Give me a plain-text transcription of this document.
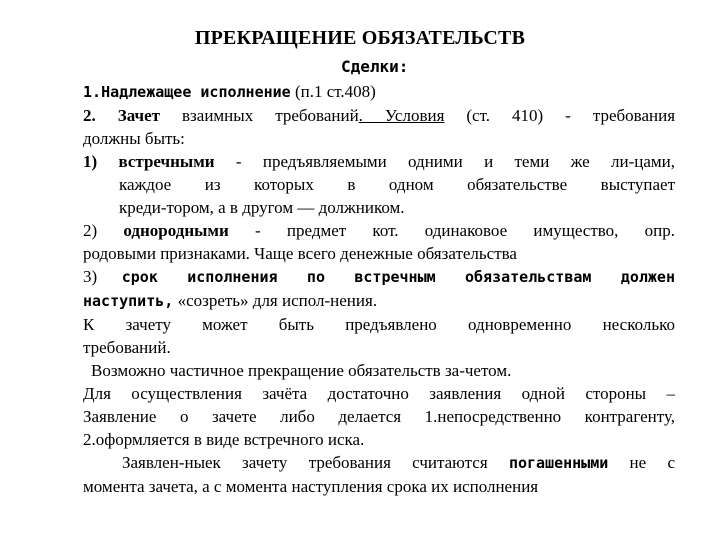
ПРЕКРАЩЕНИЕ ОБЯЗАТЕЛЬСТВ
Сделки:
1.Надлежащее исполнение (п.1 ст.408)
2. Зачет взаимных требований. Условия (ст. 410) - требования
должны быть:
1) встречными - предъявляемыми одними и теми же ли-цами,
каждое из которых в одном обязательстве выступает
креди-тором, а в другом — должником.
2) однородными - предмет кот. одинаковое имущество, опр.
родовыми признаками. Чаще всего денежные обязательства
3) срок исполнения по встречным обязательствам должен
наступить, «созреть» для испол-нения.
К зачету может быть предъявлено одновременно несколько
требований.
Возможно частичное прекращение обязательств за-четом.
Для осуществления зачёта достаточно заявления одной стороны –
Заявление о зачете либо делается 1.непосредственно контрагенту,
2.оформляется в виде встречного иска.
Заявлен-ныек зачету требования считаются погашенными не с
момента зачета, а с момента наступления срока их исполнения
